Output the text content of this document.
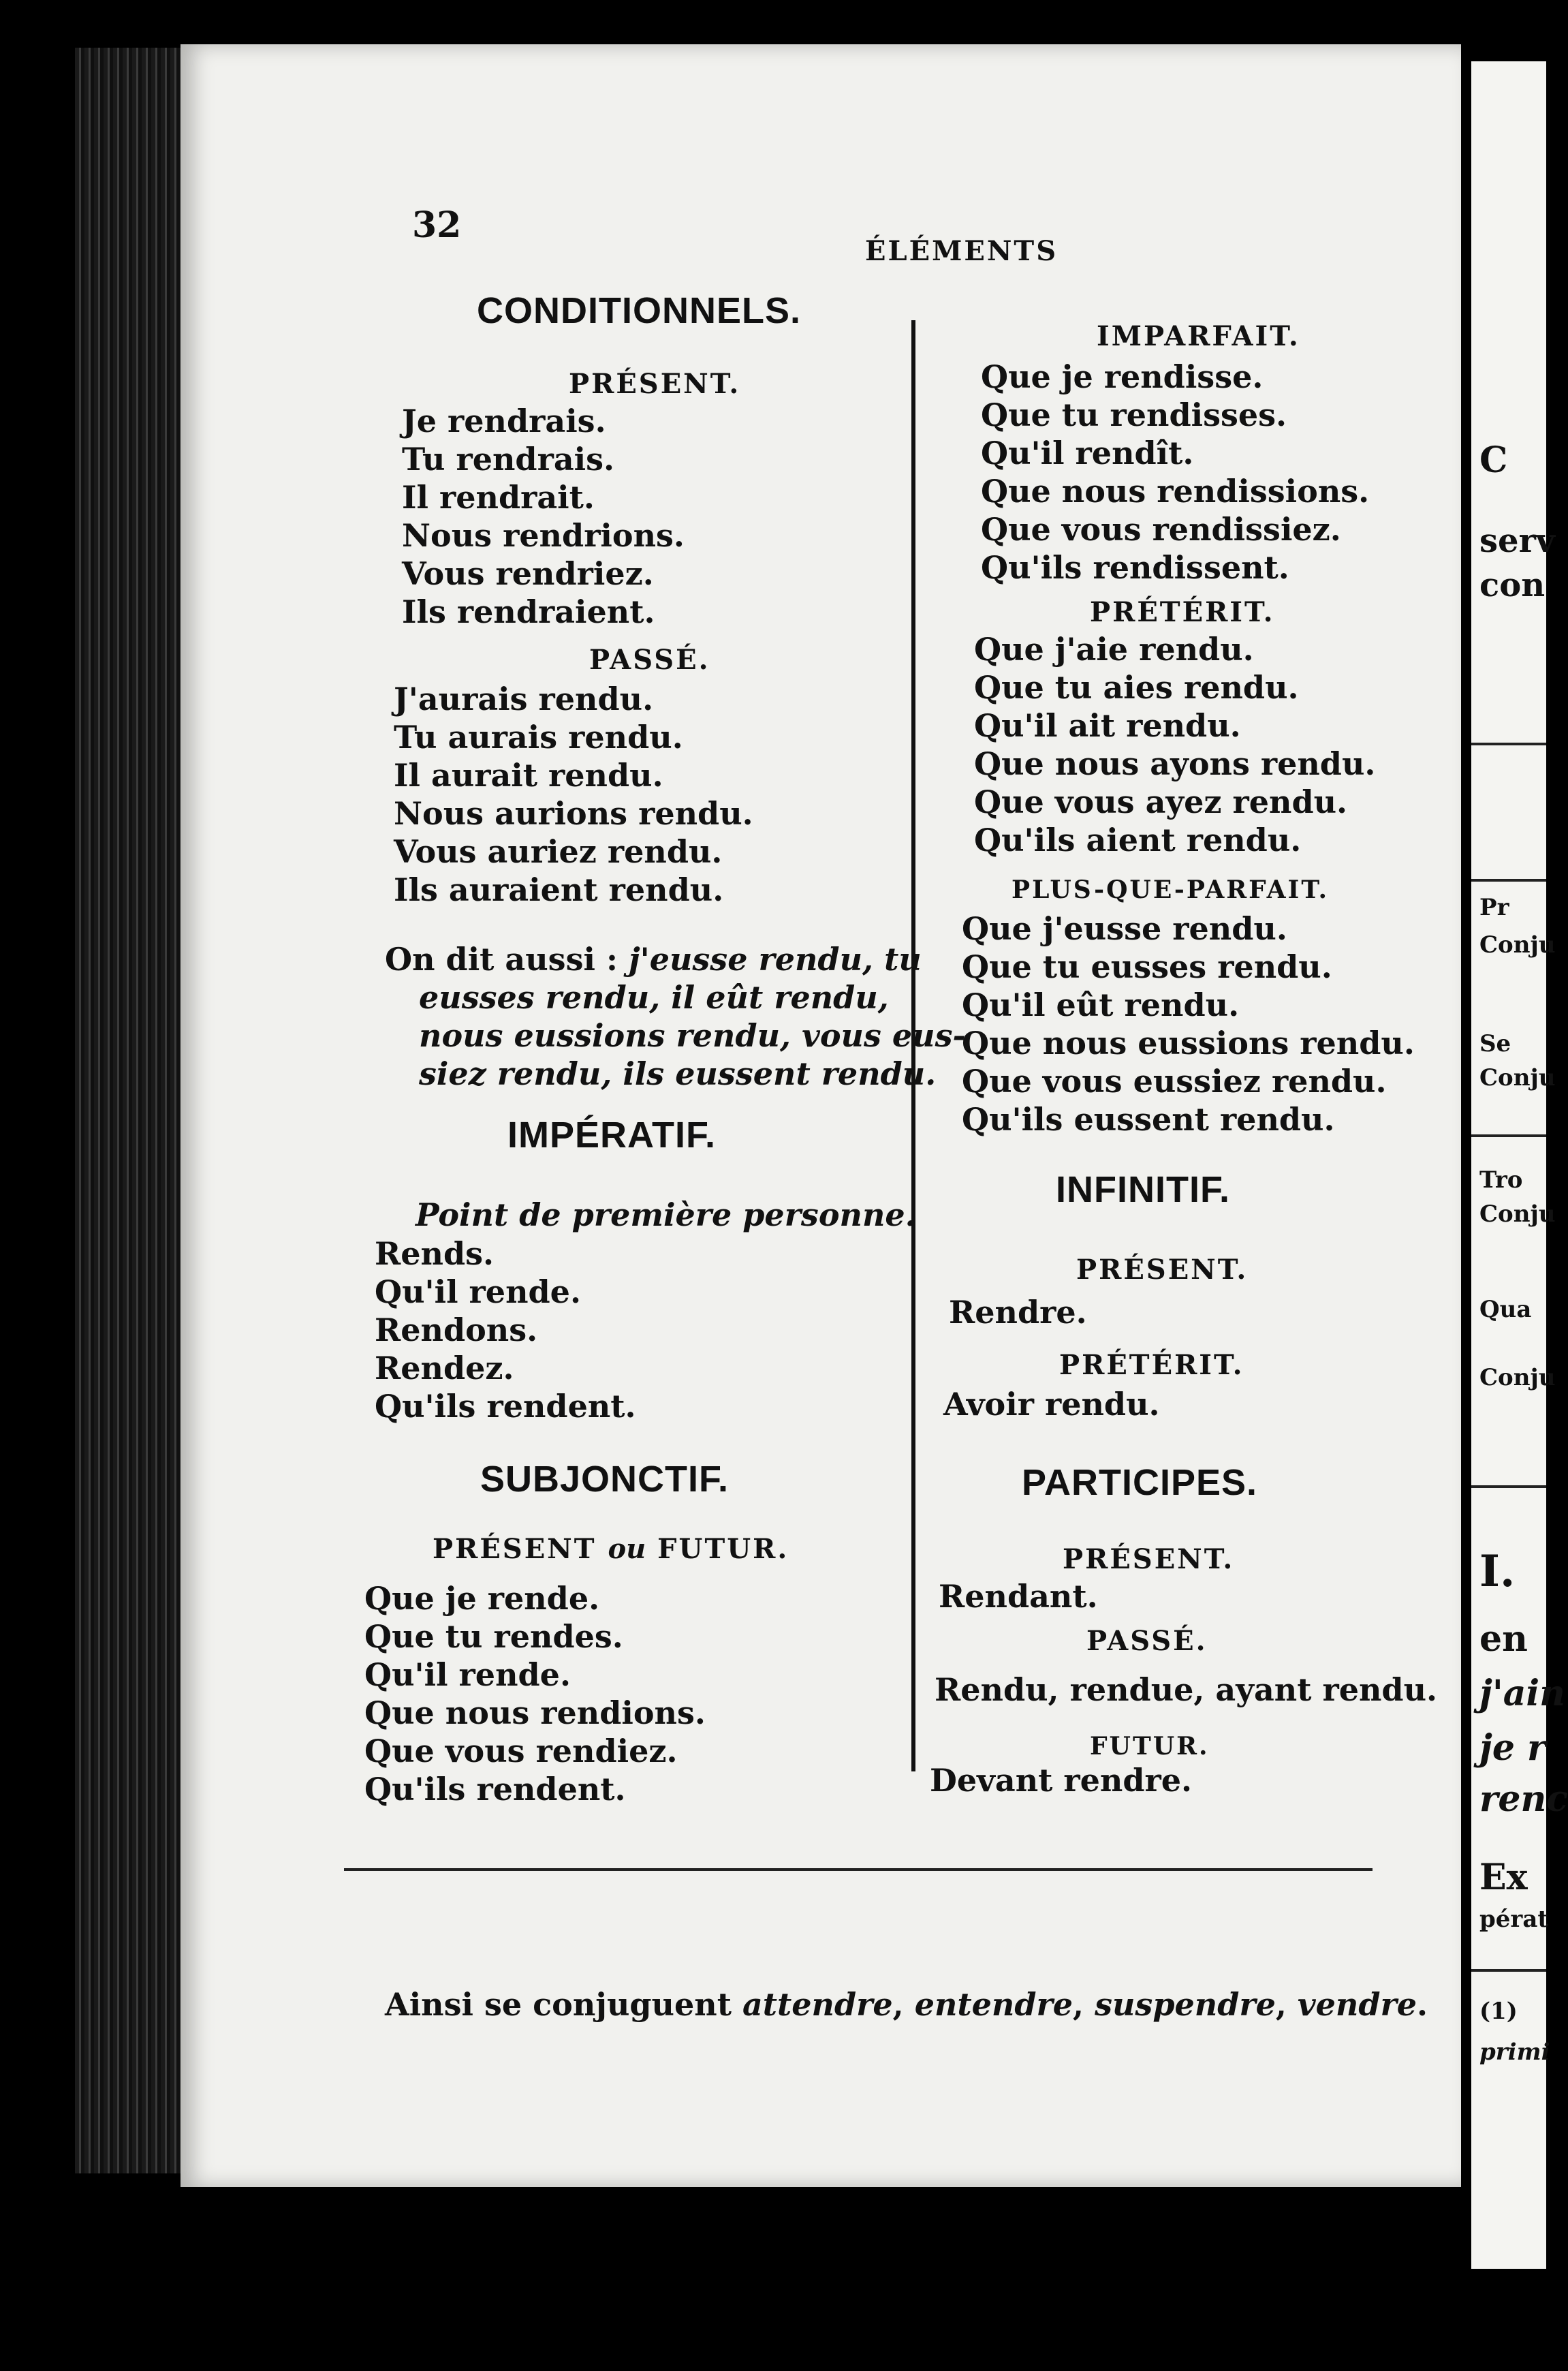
C
serv
con
Pr
Conju
Se
Conju
Tro
Conju
Qua
Conju
I.
en
j'ain
je r
renc
Ex
pérat
(1)
primi
32
ÉLÉMENTS
CONDITIONNELS.
PRÉSENT.
Je rendrais.
Tu rendrais.
Il rendrait.
Nous rendrions.
Vous rendriez.
Ils rendraient.
PASSÉ.
J'aurais rendu.
Tu aurais rendu.
Il aurait rendu.
Nous aurions rendu.
Vous auriez rendu.
Ils auraient rendu.
On dit aussi : j'eusse rendu, tu
eusses rendu, il eût rendu,
nous eussions rendu, vous eus-
siez rendu, ils eussent rendu.
IMPÉRATIF.
Point de première personne.
Rends.
Qu'il rende.
Rendons.
Rendez.
Qu'ils rendent.
SUBJONCTIF.
PRÉSENT ou FUTUR.
Que je rende.
Que tu rendes.
Qu'il rende.
Que nous rendions.
Que vous rendiez.
Qu'ils rendent.
IMPARFAIT.
Que je rendisse.
Que tu rendisses.
Qu'il rendît.
Que nous rendissions.
Que vous rendissiez.
Qu'ils rendissent.
PRÉTÉRIT.
Que j'aie rendu.
Que tu aies rendu.
Qu'il ait rendu.
Que nous ayons rendu.
Que vous ayez rendu.
Qu'ils aient rendu.
PLUS-QUE-PARFAIT.
Que j'eusse rendu.
Que tu eusses rendu.
Qu'il eût rendu.
Que nous eussions rendu.
Que vous eussiez rendu.
Qu'ils eussent rendu.
INFINITIF.
PRÉSENT.
Rendre.
PRÉTÉRIT.
Avoir rendu.
PARTICIPES.
PRÉSENT.
Rendant.
PASSÉ.
Rendu, rendue, ayant rendu.
FUTUR.
Devant rendre.
Ainsi se conjuguent attendre, entendre, suspendre, vendre.
